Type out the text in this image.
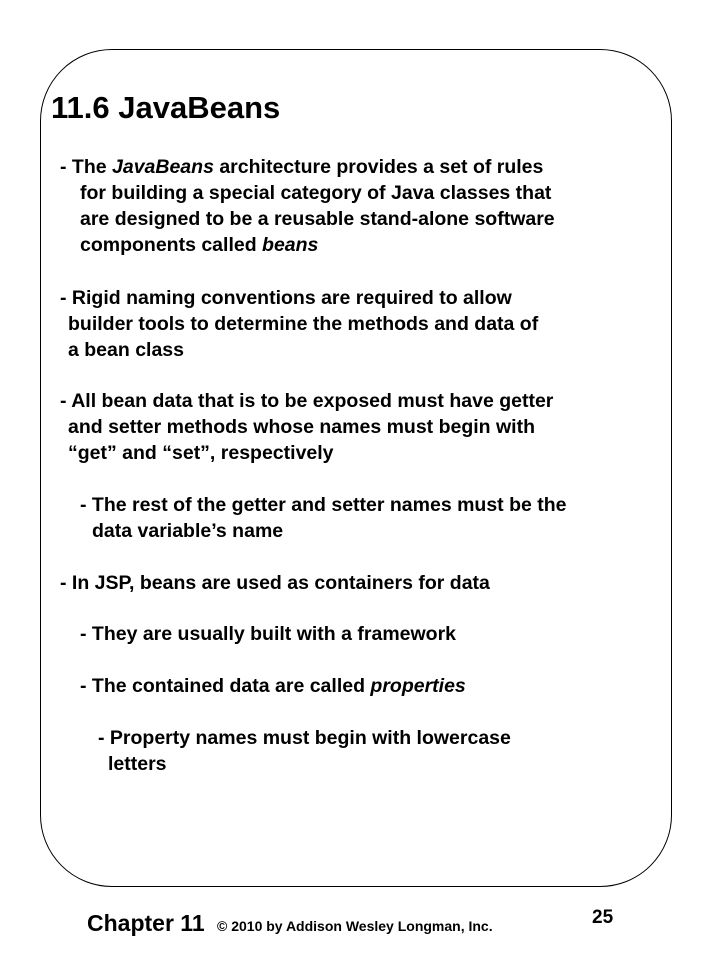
11.6 JavaBeans

- The JavaBeans architecture provides a set of rules

for building a special category of Java classes that

are designed to be a reusable stand-alone software

components called beans

- Rigid naming conventions are required to allow

builder tools to determine the methods and data of

a bean class

- All bean data that is to be exposed must have getter

and setter methods whose names must begin with

“get” and “set”, respectively

- The rest of the getter and setter names must be the

data variable’s name

- In JSP, beans are used as containers for data

- They are usually built with a framework

- The contained data are called properties

- Property names must begin with lowercase

letters

Chapter 11 © 2010 by Addison Wesley Longman, Inc.	25
